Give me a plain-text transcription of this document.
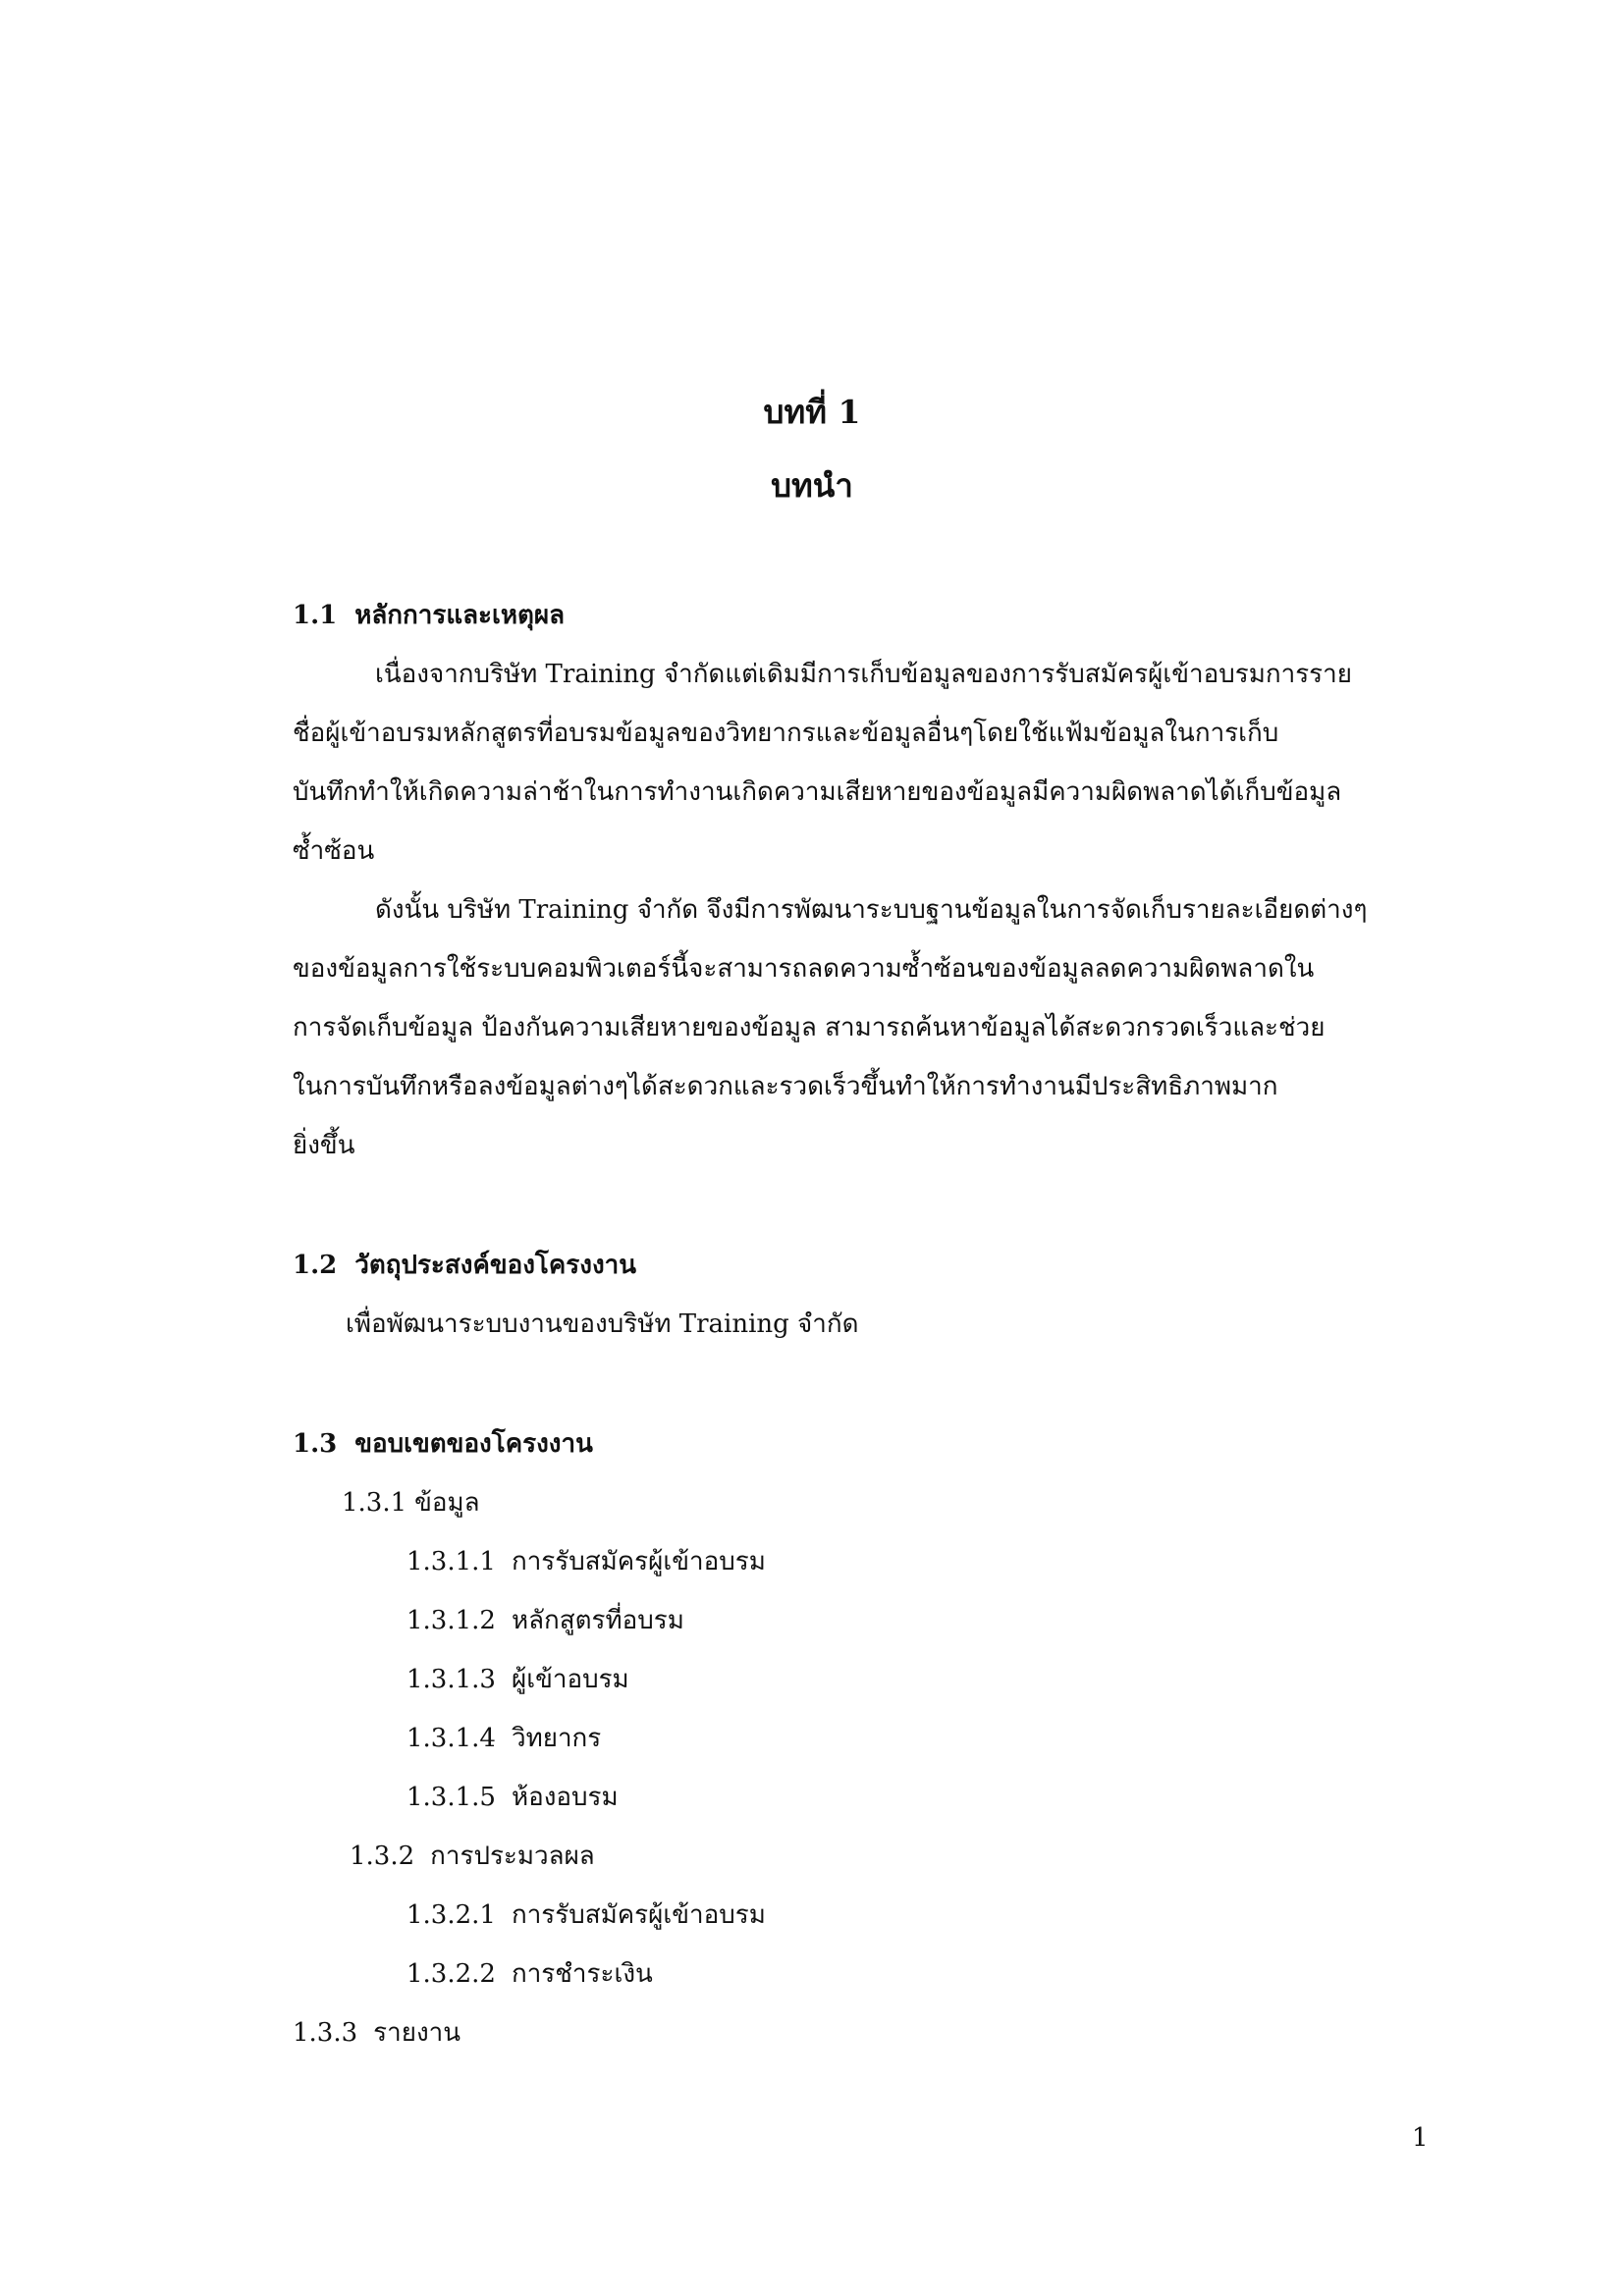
บทที่ 1
บทนำ
1.1 หลักการและเหตุผล
เนื่องจากบริษัท Training จำกัดแต่เดิมมีการเก็บข้อมูลของการรับสมัครผู้เข้าอบรมการราย
ชื่อผู้เข้าอบรมหลักสูตรที่อบรมข้อมูลของวิทยากรและข้อมูลอื่นๆโดยใช้แฟ้มข้อมูลในการเก็บ
บันทึกทำให้เกิดความล่าช้าในการทำงานเกิดความเสียหายของข้อมูลมีความผิดพลาดได้เก็บข้อมูล
ซ้ำซ้อน
ดังนั้น บริษัท Training จำกัด จึงมีการพัฒนาระบบฐานข้อมูลในการจัดเก็บรายละเอียดต่างๆ
ของข้อมูลการใช้ระบบคอมพิวเตอร์นี้จะสามารถลดความซ้ำซ้อนของข้อมูลลดความผิดพลาดใน
การจัดเก็บข้อมูล ป้องกันความเสียหายของข้อมูล สามารถค้นหาข้อมูลได้สะดวกรวดเร็วและช่วย
ในการบันทึกหรือลงข้อมูลต่างๆได้สะดวกและรวดเร็วขึ้นทำให้การทำงานมีประสิทธิภาพมาก
ยิ่งขึ้น
1.2 วัตถุประสงค์ของโครงงาน
เพื่อพัฒนาระบบงานของบริษัท Training จำกัด
1.3 ขอบเขตของโครงงาน
1.3.1 ข้อมูล
1.3.1.1 การรับสมัครผู้เข้าอบรม
1.3.1.2 หลักสูตรที่อบรม
1.3.1.3 ผู้เข้าอบรม
1.3.1.4 วิทยากร
1.3.1.5 ห้องอบรม
1.3.2 การประมวลผล
1.3.2.1 การรับสมัครผู้เข้าอบรม
1.3.2.2 การชำระเงิน
1.3.3 รายงาน
1
